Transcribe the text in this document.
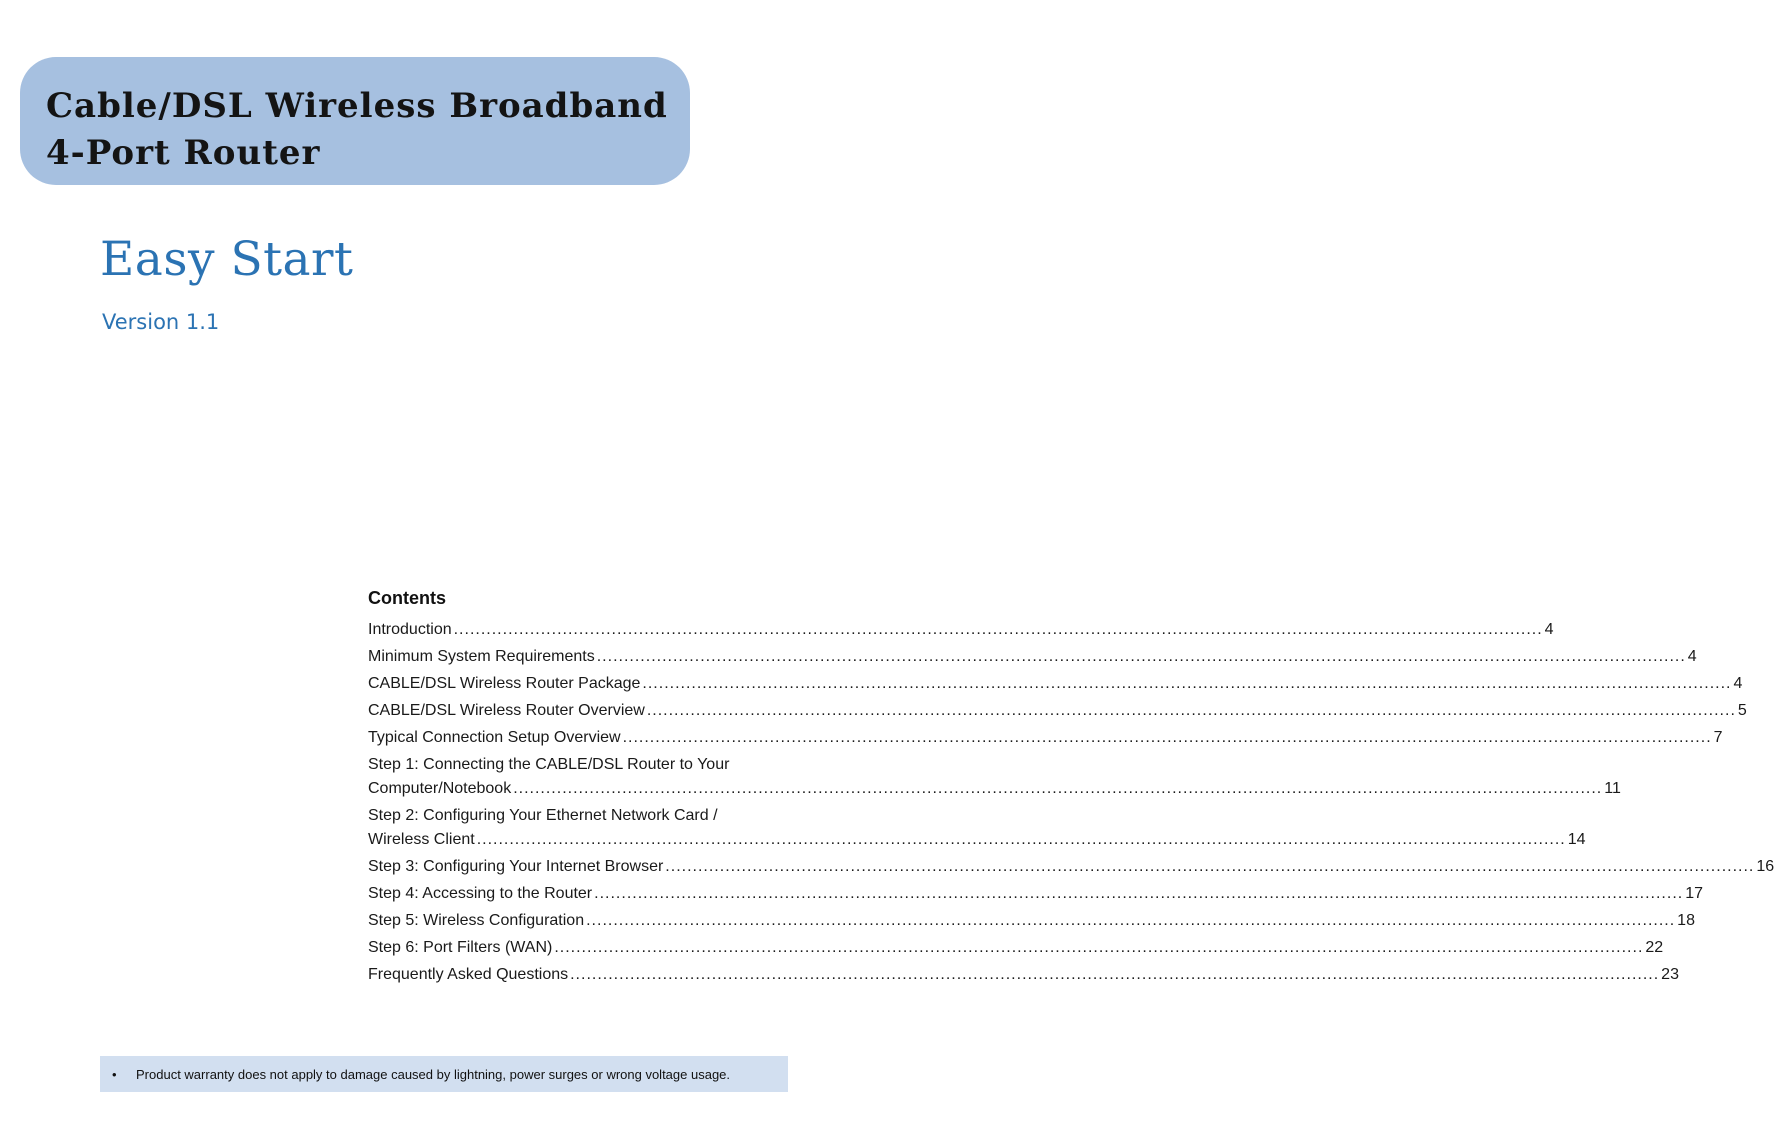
Cable/DSL Wireless Broadband
4-Port Router
Easy Start
Version 1.1
Contents
Introduction ........................................................................................................................................................................................................ 4
Minimum System Requirements ........................................................................................................................................................................................................ 4
CABLE/DSL Wireless Router Package ........................................................................................................................................................................................................ 4
CABLE/DSL Wireless Router Overview ........................................................................................................................................................................................................ 5
Typical Connection Setup Overview ........................................................................................................................................................................................................ 7
Step 1: Connecting the CABLE/DSL Router to Your
Computer/Notebook ........................................................................................................................................................................................................ 11
Step 2: Configuring Your Ethernet Network Card /
Wireless Client ........................................................................................................................................................................................................ 14
Step 3: Configuring Your Internet Browser ........................................................................................................................................................................................................ 16
Step 4: Accessing to the Router ........................................................................................................................................................................................................ 17
Step 5: Wireless Configuration ........................................................................................................................................................................................................ 18
Step 6: Port Filters (WAN) ........................................................................................................................................................................................................ 22
Frequently Asked Questions ........................................................................................................................................................................................................ 23
•	Product warranty does not apply to damage caused by lightning, power surges or wrong voltage usage.
